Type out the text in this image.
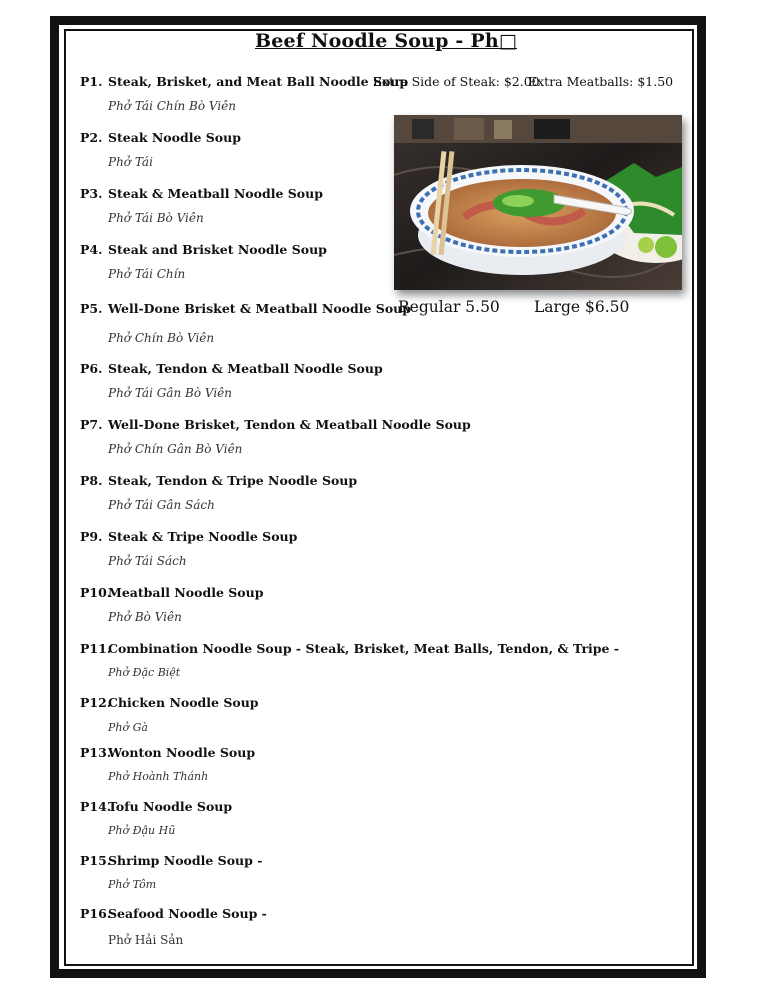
Beef Noodle Soup - Ph□
Extra Side of Steak: $2.00
Extra Meatballs: $1.50
Regular 5.50 Large $6.50
P1. Steak, Brisket, and Meat Ball Noodle Soup
Phở Tái Chín Bò Viên
P2. Steak Noodle Soup
Phở Tái
P3. Steak & Meatball Noodle Soup
Phở Tái Bò Viên
P4. Steak and Brisket Noodle Soup
Phở Tái Chín
P5. Well-Done Brisket & Meatball Noodle Soup
Phở Chín Bò Viên
P6. Steak, Tendon & Meatball Noodle Soup
Phở Tái Gân Bò Viên
P7. Well-Done Brisket, Tendon & Meatball Noodle Soup
Phở Chín Gân Bò Viên
P8. Steak, Tendon & Tripe Noodle Soup
Phở Tái Gân Sách
P9. Steak & Tripe Noodle Soup
Phở Tái Sách
P10.
Meatball Noodle Soup
Phở Bò Viên
P11.
Combination Noodle Soup - Steak, Brisket, Meat Balls, Tendon, & Tripe -
Phở Đặc Biệt
P12.
Chicken Noodle Soup
Phở Gà
P13.
Wonton Noodle Soup
Phở Hoành Thánh
P14.
Tofu Noodle Soup
Phở Đậu Hũ
P15.
Shrimp Noodle Soup -
Phở Tôm
P16.
Seafood Noodle Soup -
Phở Hải Sản
